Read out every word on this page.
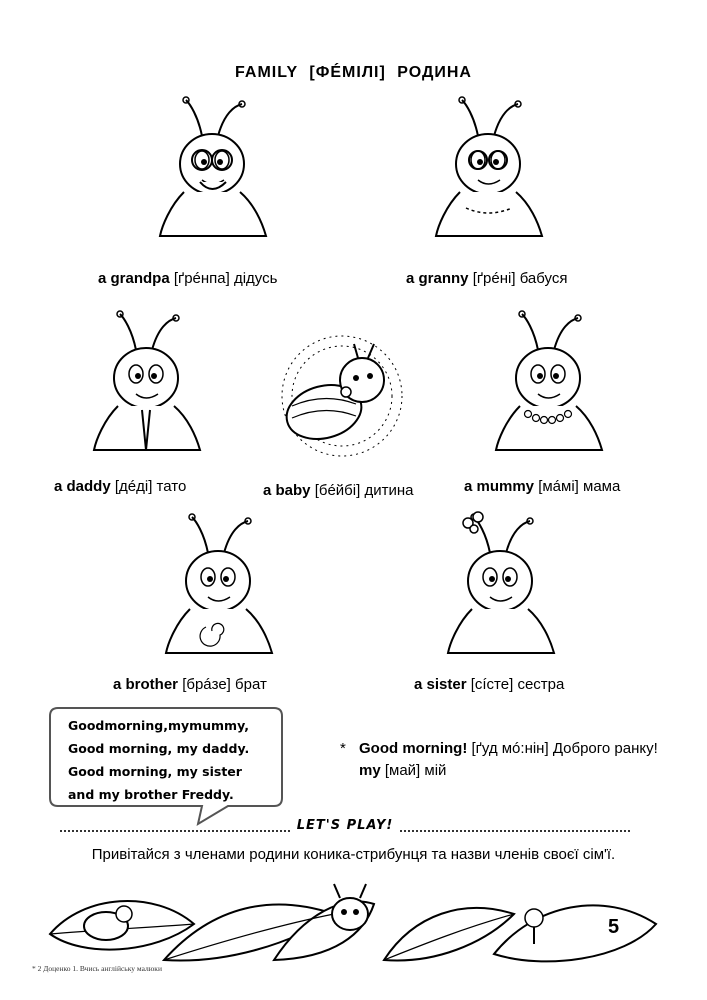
FAMILY [ФÉМІЛІ] РОДИНА
a grandpa [ґрéнпа] дідусь	a granny [ґрéні] бабуся
a daddy [дéді] тато	a baby [бéйбі] дитина	a mummy [мáмі] мама
a brother [брáзе] брат	a sister [сíсте] сестра
Goodmorning,mymummy,
Good morning, my daddy.
Good morning, my sister
and my brother Freddy.
* Good morning! [ґуд мó:нін] Доброго ранку!
my [май] мій
LET'S PLAY!
Привітайся з членами родини коника-стрибунця та назви членів своєї сім'ї.
5
* 2 Доценко 1. Вчись англійську малюки
